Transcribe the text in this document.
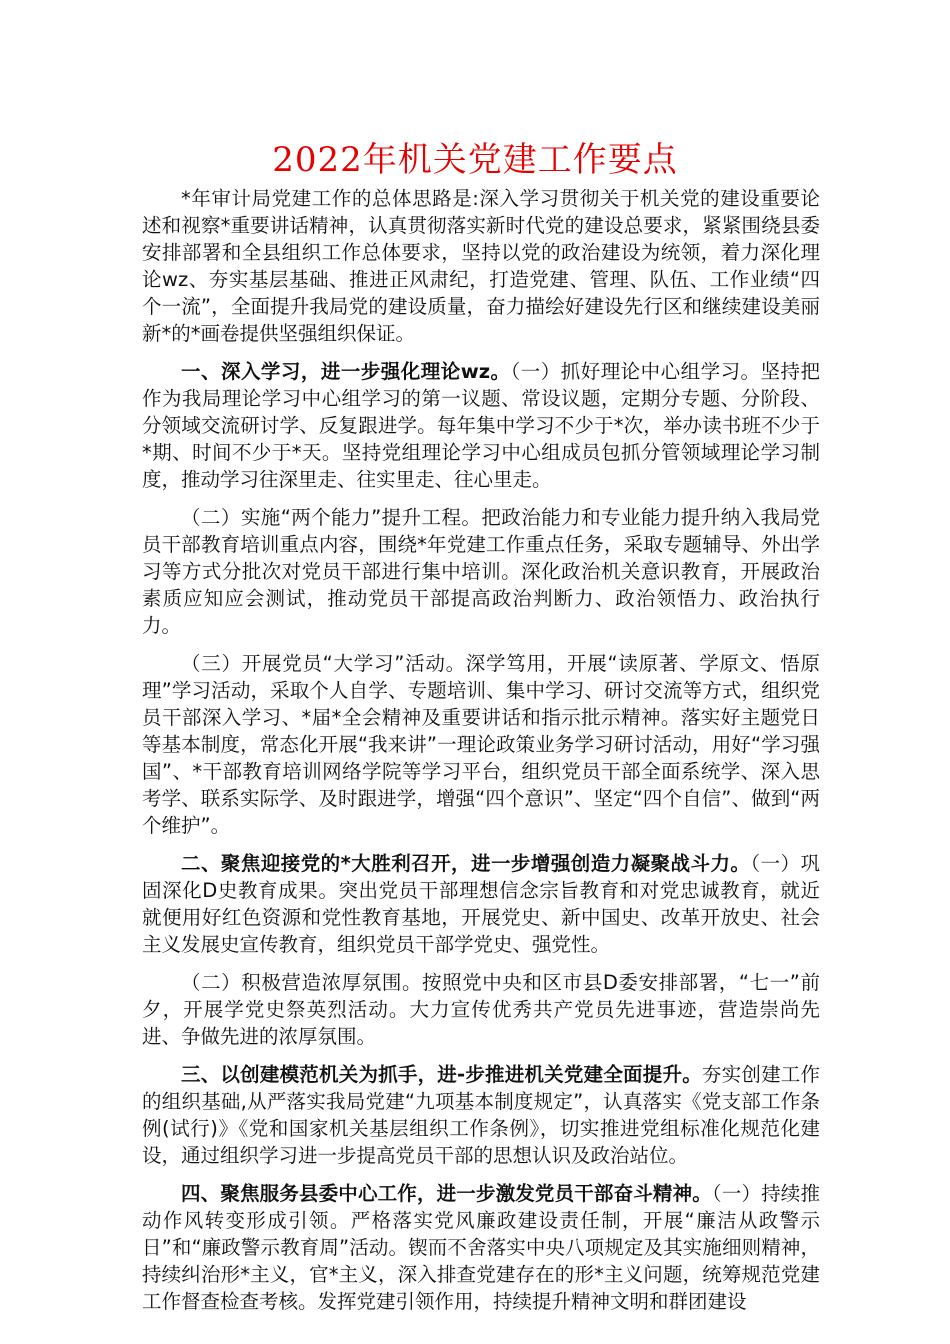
2022年机关党建工作要点

*年审计局党建工作的总体思路是:深入学习贯彻关于机关党的建设重要论述和视察*重要讲话精神，认真贯彻落实新时代党的建设总要求，紧紧围绕县委安排部署和全县组织工作总体要求，坚持以党的政治建设为统领，着力深化理论wz、夯实基层基础、推进正风肃纪，打造党建、管理、队伍、工作业绩“四个一流”，全面提升我局党的建设质量，奋力描绘好建设先行区和继续建设美丽新*的*画卷提供坚强组织保证。

一、深入学习，进一步强化理论wz。（一）抓好理论中心组学习。坚持把作为我局理论学习中心组学习的第一议题、常设议题，定期分专题、分阶段、分领域交流研讨学、反复跟进学。每年集中学习不少于*次，举办读书班不少于*期、时间不少于*天。坚持党组理论学习中心组成员包抓分管领域理论学习制度，推动学习往深里走、往实里走、往心里走。

（二）实施“两个能力”提升工程。把政治能力和专业能力提升纳入我局党员干部教育培训重点内容，围绕*年党建工作重点任务，采取专题辅导、外出学习等方式分批次对党员干部进行集中培训。深化政治机关意识教育，开展政治素质应知应会测试，推动党员干部提高政治判断力、政治领悟力、政治执行力。

（三）开展党员“大学习”活动。深学笃用，开展“读原著、学原文、悟原理”学习活动，采取个人自学、专题培训、集中学习、研讨交流等方式，组织党员干部深入学习、*届*全会精神及重要讲话和指示批示精神。落实好主题党日等基本制度，常态化开展“我来讲”一理论政策业务学习研讨活动，用好“学习强国”、*干部教育培训网络学院等学习平台，组织党员干部全面系统学、深入思考学、联系实际学、及时跟进学，增强“四个意识”、坚定“四个自信”、做到“两个维护”。

二、聚焦迎接党的*大胜利召开，进一步增强创造力凝聚战斗力。（一）巩固深化D史教育成果。突出党员干部理想信念宗旨教育和对党忠诚教育，就近就便用好红色资源和党性教育基地，开展党史、新中国史、改革开放史、社会主义发展史宣传教育，组织党员干部学党史、强党性。

（二）积极营造浓厚氛围。按照党中央和区市县D委安排部署，“七一”前夕，开展学党史祭英烈活动。大力宣传优秀共产党员先进事迹，营造崇尚先进、争做先进的浓厚氛围。

三、以创建模范机关为抓手，进-步推进机关党建全面提升。夯实创建工作的组织基础,从严落实我局党建“九项基本制度规定”，认真落实《党支部工作条例(试行)》《党和国家机关基层组织工作条例》，切实推进党组标准化规范化建设，通过组织学习进一步提高党员干部的思想认识及政治站位。

四、聚焦服务县委中心工作，进一步激发党员干部奋斗精神。（一）持续推动作风转变形成引领。严格落实党风廉政建设责任制，开展“廉洁从政警示日”和“廉政警示教育周”活动。锲而不舍落实中央八项规定及其实施细则精神，持续纠治形*主义，官*主义，深入排查党建存在的形*主义问题，统筹规范党建工作督查检查考核。发挥党建引领作用，持续提升精神文明和群团建设
